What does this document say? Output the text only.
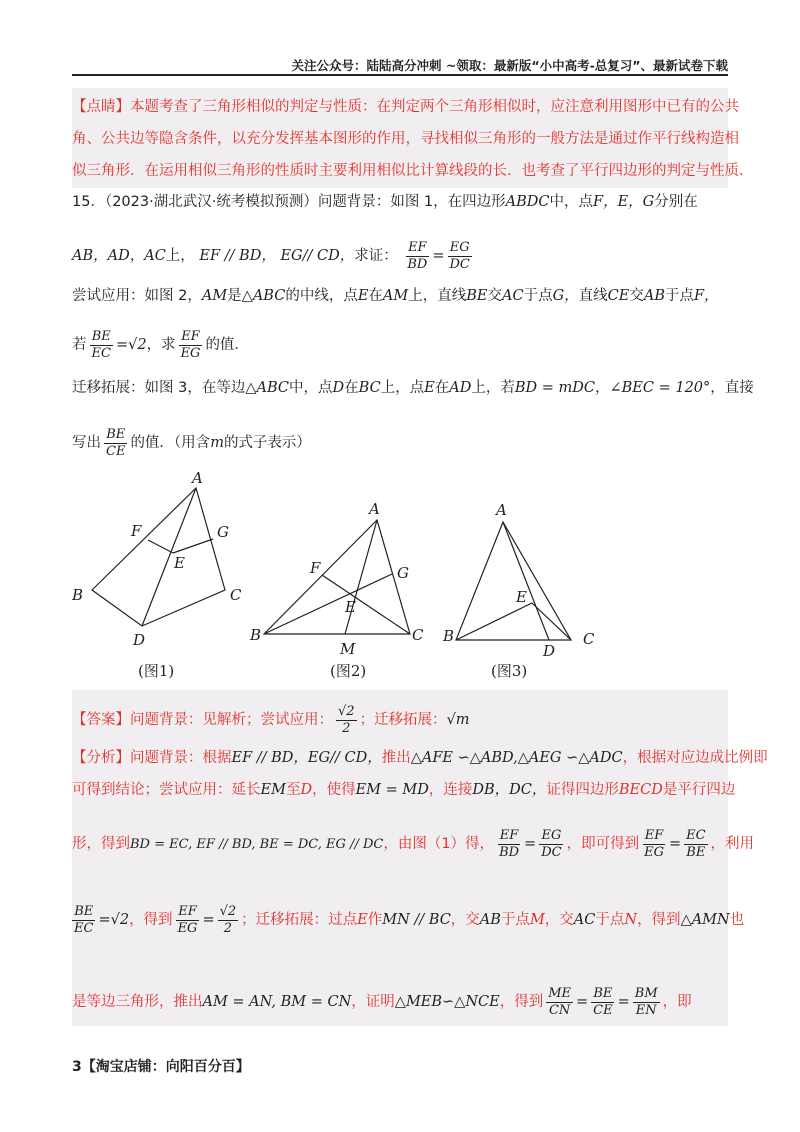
关注公众号：陆陆高分冲刺 ~领取：最新版“小中高考-总复习”、最新试卷下载
【点睛】本题考查了三角形相似的判定与性质：在判定两个三角形相似时，应注意利用图形中已有的公共
角、公共边等隐含条件，以充分发挥基本图形的作用，寻找相似三角形的一般方法是通过作平行线构造相
似三角形．在运用相似三角形的性质时主要利用相似比计算线段的长．也考查了平行四边形的判定与性质．
15．（2023·湖北武汉·统考模拟预测）问题背景：如图 1，在四边形ABDC中，点F，E，G分别在
AB，AD，AC上， EF // BD， EG// CD，求证： $\frac{EF}{BD} = \frac{EG}{DC}$
尝试应用：如图 2，AM是△ABC的中线，点E在AM上，直线BE交AC于点G，直线CE交AB于点F，
若 $\frac{BE}{EC} =√2$，求 $\frac{EF}{EG}$ 的值．
迁移拓展：如图 3，在等边△ABC中，点D在BC上，点E在AD上，若BD = mDC，∠BEC = 120°，直接
写出 $\frac{BE}{CE}$ 的值．（用含m的式子表示）
A
F	G
E
B	C
D
(图1)
A
F	G
E
B	C
M
(图2)
A
E
B
D
C
(图3)
【答案】问题背景：见解析；尝试应用： $\frac{√2}{2}$ ；迁移拓展：√m
【分析】问题背景：根据EF // BD，EG// CD，推出△AFE ∽△ABD,△AEG ∽△ADC，根据对应边成比例即
可得到结论；尝试应用：延长EM至D，使得EM = MD，连接DB，DC，证得四边形BECD是平行四边
形，得到BD = EC, EF // BD, BE = DC, EG // DC，由图（1）得， $\frac{EF}{BD} = \frac{EG}{DC}$ ，即可得到 $\frac{EF}{EG} = \frac{EC}{BE}$ ，利用
$\frac{BE}{EC} =√2$，得到 $\frac{EF}{EG} = \frac{√2}{2}$ ；迁移拓展：过点E作MN // BC，交AB于点M，交AC于点N，得到△AMN也
是等边三角形，推出AM = AN, BM = CN，证明△MEB∽△NCE，得到 $\frac{ME}{CN} = \frac{BE}{CE} = \frac{BM}{EN}$ ，即
3【淘宝店铺：向阳百分百】
